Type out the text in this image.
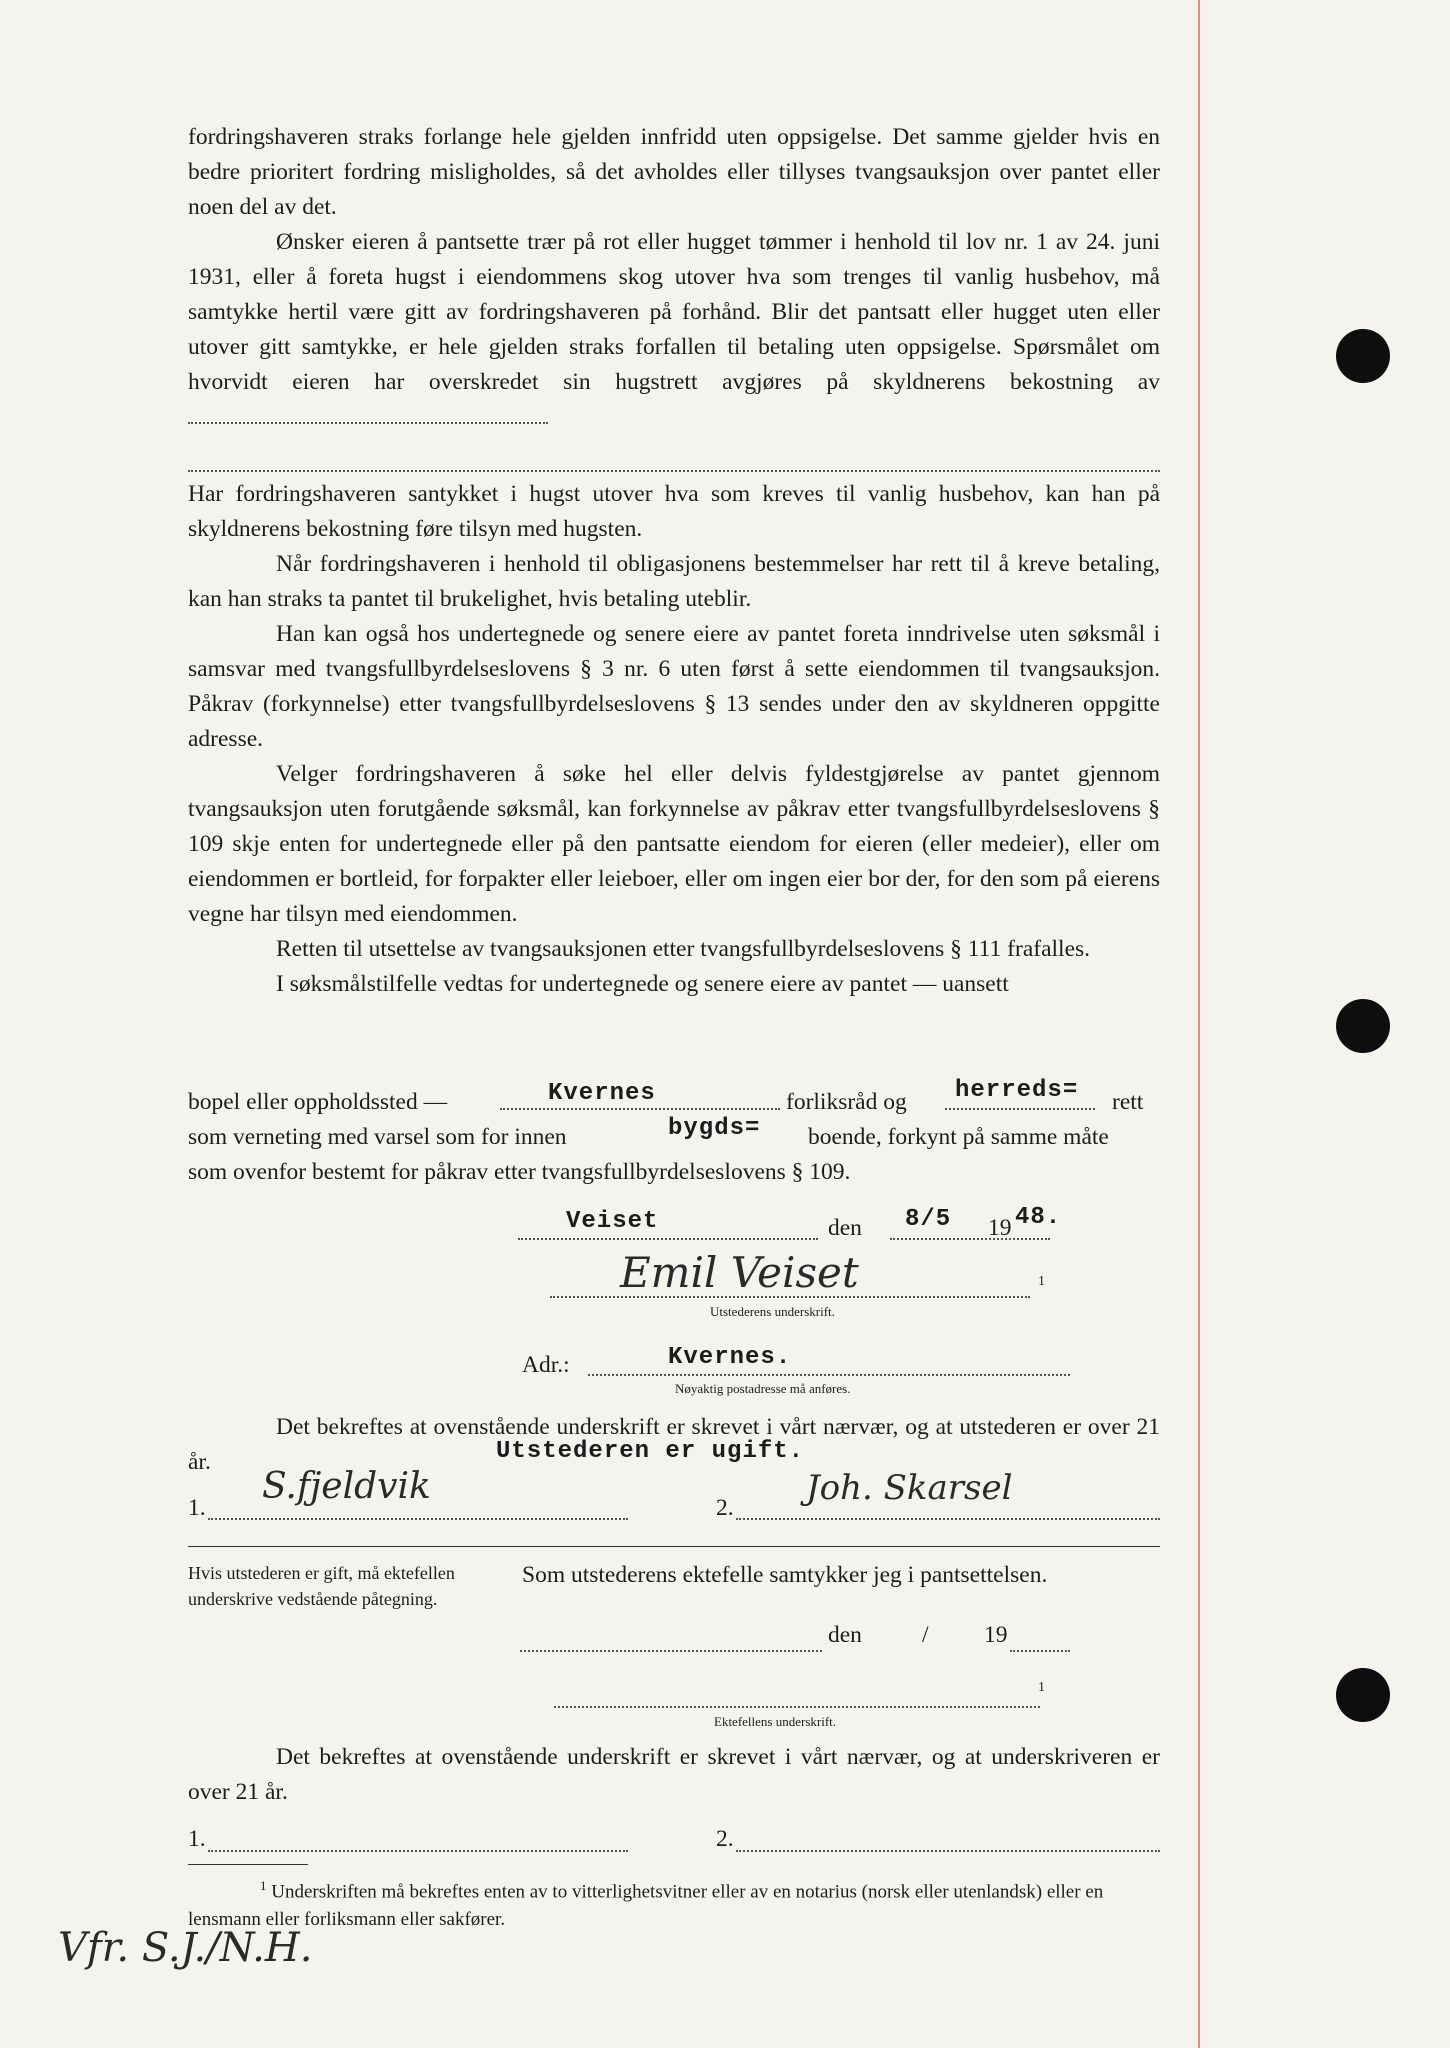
fordringshaveren straks forlange hele gjelden innfridd uten oppsigelse. Det samme gjelder hvis en bedre prioritert fordring misligholdes, så det avholdes eller tillyses tvangsauksjon over pantet eller noen del av det.

Ønsker eieren å pantsette trær på rot eller hugget tømmer i henhold til lov nr. 1 av 24. juni 1931, eller å foreta hugst i eiendommens skog utover hva som trenges til vanlig husbehov, må samtykke hertil være gitt av fordringshaveren på forhånd. Blir det pantsatt eller hugget uten eller utover gitt samtykke, er hele gjelden straks forfallen til betaling uten oppsigelse. Spørsmålet om hvorvidt eieren har overskredet sin hugstrett avgjøres på skyldnerens bekostning av

Har fordringshaveren santykket i hugst utover hva som kreves til vanlig husbehov, kan han på skyldnerens bekostning føre tilsyn med hugsten.

Når fordringshaveren i henhold til obligasjonens bestemmelser har rett til å kreve betaling, kan han straks ta pantet til brukelighet, hvis betaling uteblir.

Han kan også hos undertegnede og senere eiere av pantet foreta inndrivelse uten søksmål i samsvar med tvangsfullbyrdelseslovens § 3 nr. 6 uten først å sette eiendommen til tvangsauksjon. Påkrav (forkynnelse) etter tvangsfullbyrdelseslovens § 13 sendes under den av skyldneren oppgitte adresse.

Velger fordringshaveren å søke hel eller delvis fyldestgjørelse av pantet gjennom tvangsauksjon uten forutgående søksmål, kan forkynnelse av påkrav etter tvangsfullbyrdelseslovens § 109 skje enten for undertegnede eller på den pantsatte eiendom for eieren (eller medeier), eller om eiendommen er bortleid, for forpakter eller leieboer, eller om ingen eier bor der, for den som på eierens vegne har tilsyn med eiendommen.

Retten til utsettelse av tvangsauksjonen etter tvangsfullbyrdelseslovens § 111 frafalles.

I søksmålstilfelle vedtas for undertegnede og senere eiere av pantet — uansett

bopel eller oppholdssted —	Kvernes	forliksråd og herreds= rett
som verneting med varsel som for innen	bygds= boende, forkynt på samme måte
som ovenfor bestemt for påkrav etter tvangsfullbyrdelseslovens § 109.
Veiset	den 8/5 19 48.
Emil Veiset	1
Utstederens underskrift.
Adr.:	Kvernes.
Nøyaktig postadresse må anføres.

Det bekreftes at ovenstående underskrift er skrevet i vårt nærvær, og at utstederen er over 21 år.	Utstederen er ugift.
1.
S.fjeldvik
2. Joh. Skarsel
Hvis utstederen er gift, må ektefellen underskrive vedstående påtegning.
Som utstederens ektefelle samtykker jeg i pantsettelsen.
den	/ 19
1
Ektefellens underskrift.

Det bekreftes at ovenstående underskrift er skrevet i vårt nærvær, og at underskriveren er over 21 år.

1.	2.
$^1$ Underskriften må bekreftes enten av to vitterlighetsvitner eller av en notarius (norsk eller utenlandsk) eller en lensmann eller forliksmann eller sakfører.
Vfr. S.J./N.H.
